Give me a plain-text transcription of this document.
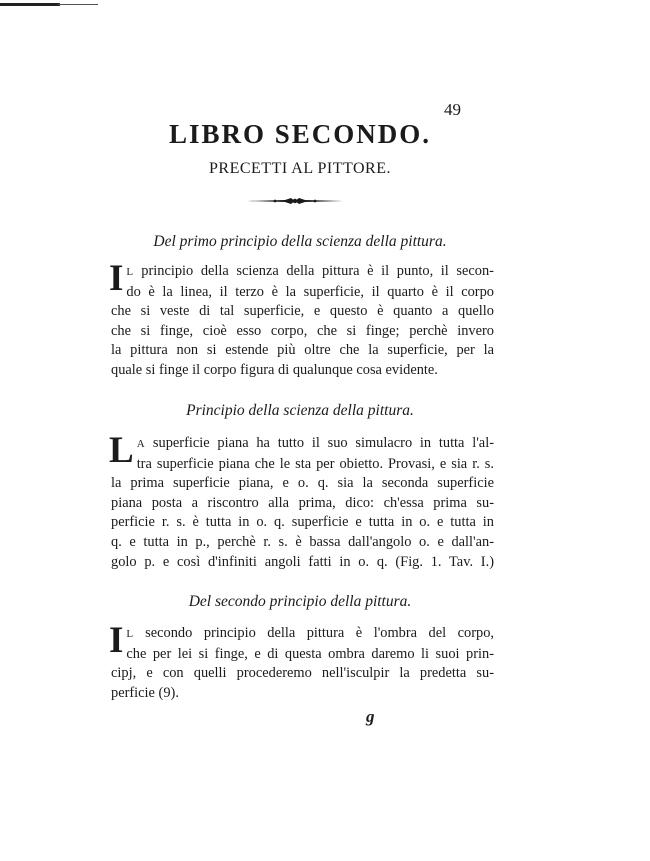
49
LIBRO SECONDO.
PRECETTI AL PITTORE.
Del primo principio della scienza della pittura.
I L principio della scienza della pittura è il punto, il secon-
do è la linea, il terzo è la superficie, il quarto è il corpo
che si veste di tal superficie, e questo è quanto a quello
che si finge, cioè esso corpo, che si finge; perchè invero
la pittura non si estende più oltre che la superficie, per la
quale si finge il corpo figura di qualunque cosa evidente.
Principio della scienza della pittura.
L A superficie piana ha tutto il suo simulacro in tutta l'al-
tra superficie piana che le sta per obietto. Provasi, e sia r. s.
la prima superficie piana, e o. q. sia la seconda superficie
piana posta a riscontro alla prima, dico: ch'essa prima su-
perficie r. s. è tutta in o. q. superficie e tutta in o. e tutta in
q. e tutta in p., perchè r. s. è bassa dall'angolo o. e dall'an-
golo p. e così d'infiniti angoli fatti in o. q. (Fig. 1. Tav. I.)
Del secondo principio della pittura.
I L secondo principio della pittura è l'ombra del corpo,
che per lei si finge, e di questa ombra daremo li suoi prin-
cipj, e con quelli procederemo nell'isculpir la predetta su-
perficie (9).
g
